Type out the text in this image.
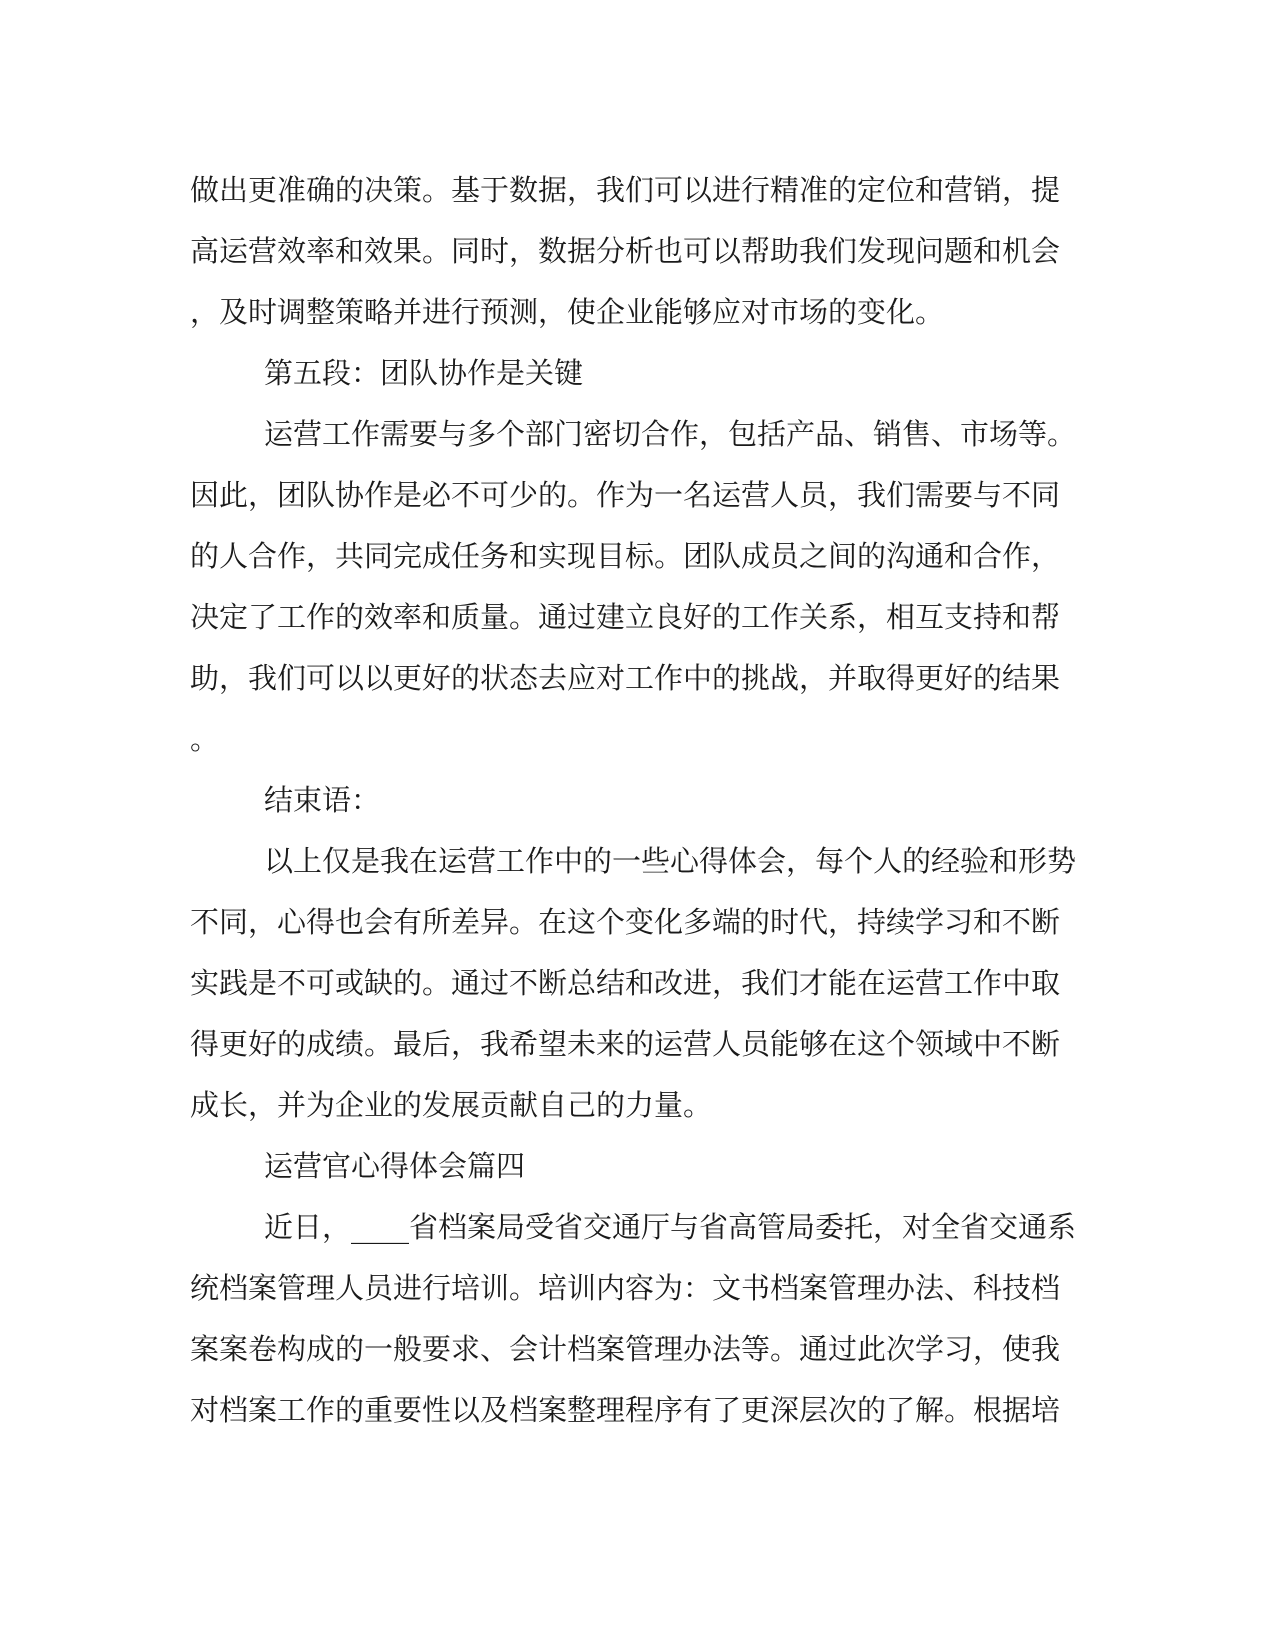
做出更准确的决策。基于数据，我们可以进行精准的定位和营销，提
高运营效率和效果。同时，数据分析也可以帮助我们发现问题和机会
，及时调整策略并进行预测，使企业能够应对市场的变化。
第五段：团队协作是关键
运营工作需要与多个部门密切合作，包括产品、销售、市场等。
因此，团队协作是必不可少的。作为一名运营人员，我们需要与不同
的人合作，共同完成任务和实现目标。团队成员之间的沟通和合作，
决定了工作的效率和质量。通过建立良好的工作关系，相互支持和帮
助，我们可以以更好的状态去应对工作中的挑战，并取得更好的结果
。
结束语：
以上仅是我在运营工作中的一些心得体会，每个人的经验和形势
不同，心得也会有所差异。在这个变化多端的时代，持续学习和不断
实践是不可或缺的。通过不断总结和改进，我们才能在运营工作中取
得更好的成绩。最后，我希望未来的运营人员能够在这个领域中不断
成长，并为企业的发展贡献自己的力量。
运营官心得体会篇四
近日，____省档案局受省交通厅与省高管局委托，对全省交通系
统档案管理人员进行培训。培训内容为：文书档案管理办法、科技档
案案卷构成的一般要求、会计档案管理办法等。通过此次学习，使我
对档案工作的重要性以及档案整理程序有了更深层次的了解。根据培
